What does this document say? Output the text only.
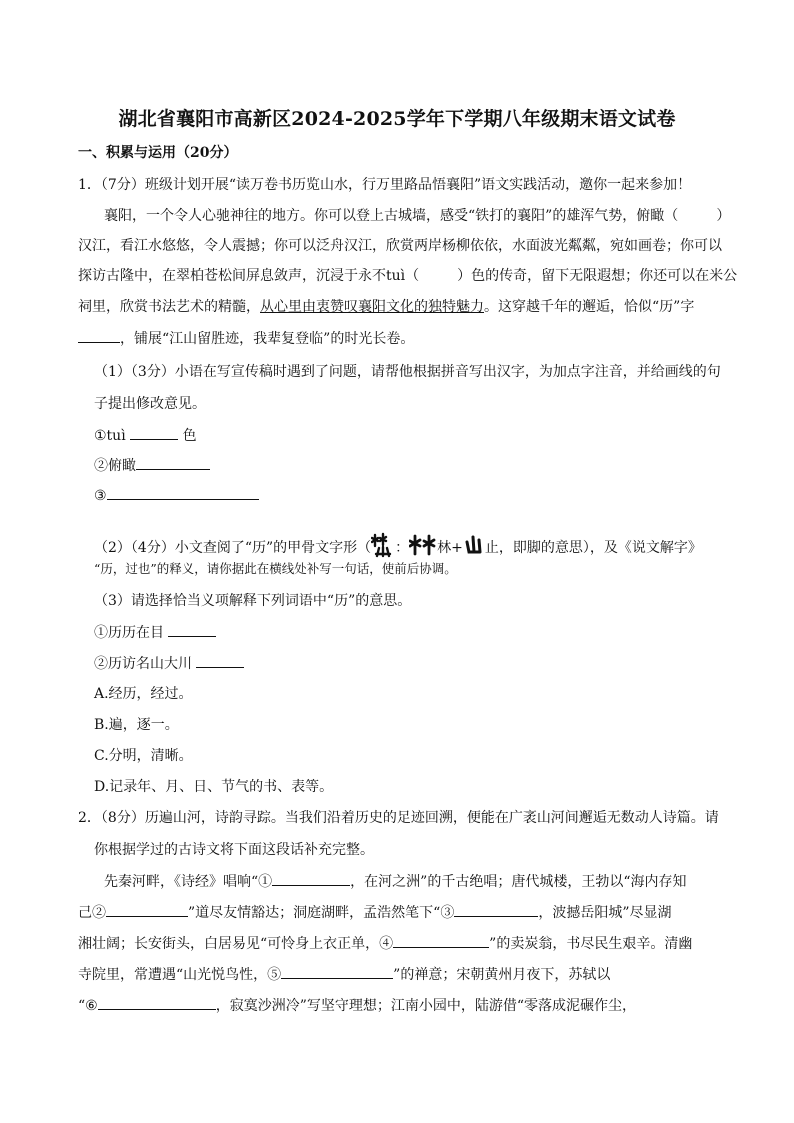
湖北省襄阳市高新区2024-2025学年下学期八年级期末语文试卷
一、积累与运用（20分）
1．（7分）班级计划开展“读万卷书历览山水，行万里路品悟襄阳”语文实践活动，邀你一起来参加！
襄阳，一个令人心驰神往的地方。你可以登上古城墙，感受“铁打的襄阳”的雄浑气势，俯瞰（	）
汉江，看江水悠悠，令人震撼；你可以泛舟汉江，欣赏两岸杨柳依依，水面波光粼粼，宛如画卷；你可以
探访古隆中，在翠柏苍松间屏息敛声，沉浸于永不tuì（	）色的传奇，留下无限遐想；你还可以在米公
祠里，欣赏书法艺术的精髓，从心里由衷赞叹襄阳文化的独特魅力。这穿越千年的邂逅，恰似“历”字
，铺展“江山留胜迹，我辈复登临”的时光长卷。
（1）（3分）小语在写宣传稿时遇到了问题，请帮他根据拼音写出汉字，为加点字注音，并给画线的句
子提出修改意见。
①tuì	色
②俯瞰
③
（2）（4分）小文查阅了“历”的甲骨文字形（ ： 林+ 止，即脚的意思），及《说文解字》
“历，过也”的释义，请你据此在横线处补写一句话，使前后协调。
（3）请选择恰当义项解释下列词语中“历”的意思。
①历历在目
②历访名山大川
A.经历，经过。
B.遍，逐一。
C.分明，清晰。
D.记录年、月、日、节气的书、表等。
2．（8分）历遍山河，诗韵寻踪。当我们沿着历史的足迹回溯，便能在广袤山河间邂逅无数动人诗篇。请
你根据学过的古诗文将下面这段话补充完整。
先秦河畔，《诗经》唱响“①	，在河之洲”的千古绝唱；唐代城楼，王勃以“海内存知
己②	”道尽友情豁达；洞庭湖畔，孟浩然笔下“③	，波撼岳阳城”尽显湖
湘壮阔；长安街头，白居易见“可怜身上衣正单，④	”的卖炭翁，书尽民生艰辛。清幽
寺院里，常遭遇“山光悦鸟性，⑤	”的禅意；宋朝黄州月夜下，苏轼以
“⑥	，寂寞沙洲冷”写坚守理想；江南小园中，陆游借“零落成泥碾作尘，
